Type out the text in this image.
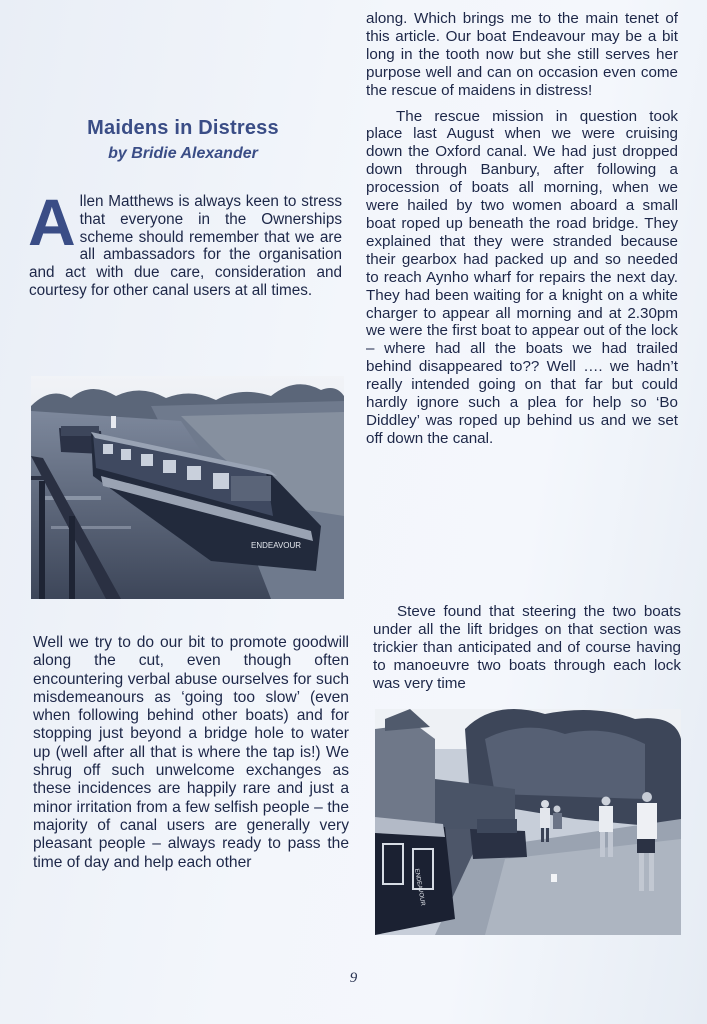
Maidens in Distress
by Bridie Alexander

Allen Matthews is always keen to stress that everyone in the Ownerships scheme should remember that we are all ambassadors for the organisation and act with due care, consideration and courtesy for other canal users at all times.

ENDEAVOUR

Well we try to do our bit to promote goodwill along the cut, even though often encountering verbal abuse ourselves for such misdemeanours as ‘going too slow’ (even when following behind other boats) and for stopping just beyond a bridge hole to water up (well after all that is where the tap is!) We shrug off such unwelcome exchanges as these incidences are happily rare and just a minor irritation from a few selfish people – the majority of canal users are generally very pleasant people – always ready to pass the time of day and help each other

along. Which brings me to the main tenet of this article. Our boat Endeavour may be a bit long in the tooth now but she still serves her purpose well and can on occasion even come the rescue of maidens in distress!

The rescue mission in question took place last August when we were cruising down the Oxford canal. We had just dropped down through Banbury, after following a procession of boats all morning, when we were hailed by two women aboard a small boat roped up beneath the road bridge. They explained that they were stranded because their gearbox had packed up and so needed to reach Aynho wharf for repairs the next day. They had been waiting for a knight on a white charger to appear all morning and at 2.30pm we were the first boat to appear out of the lock – where had all the boats we had trailed behind disappeared to?? Well …. we hadn’t really intended going on that far but could hardly ignore such a plea for help so ‘Bo Diddley’ was roped up behind us and we set off down the canal.

Steve found that steering the two boats under all the lift bridges on that section was trickier than anticipated and of course having to manoeuvre two boats through each lock was very time

ENDEAVOUR
9
